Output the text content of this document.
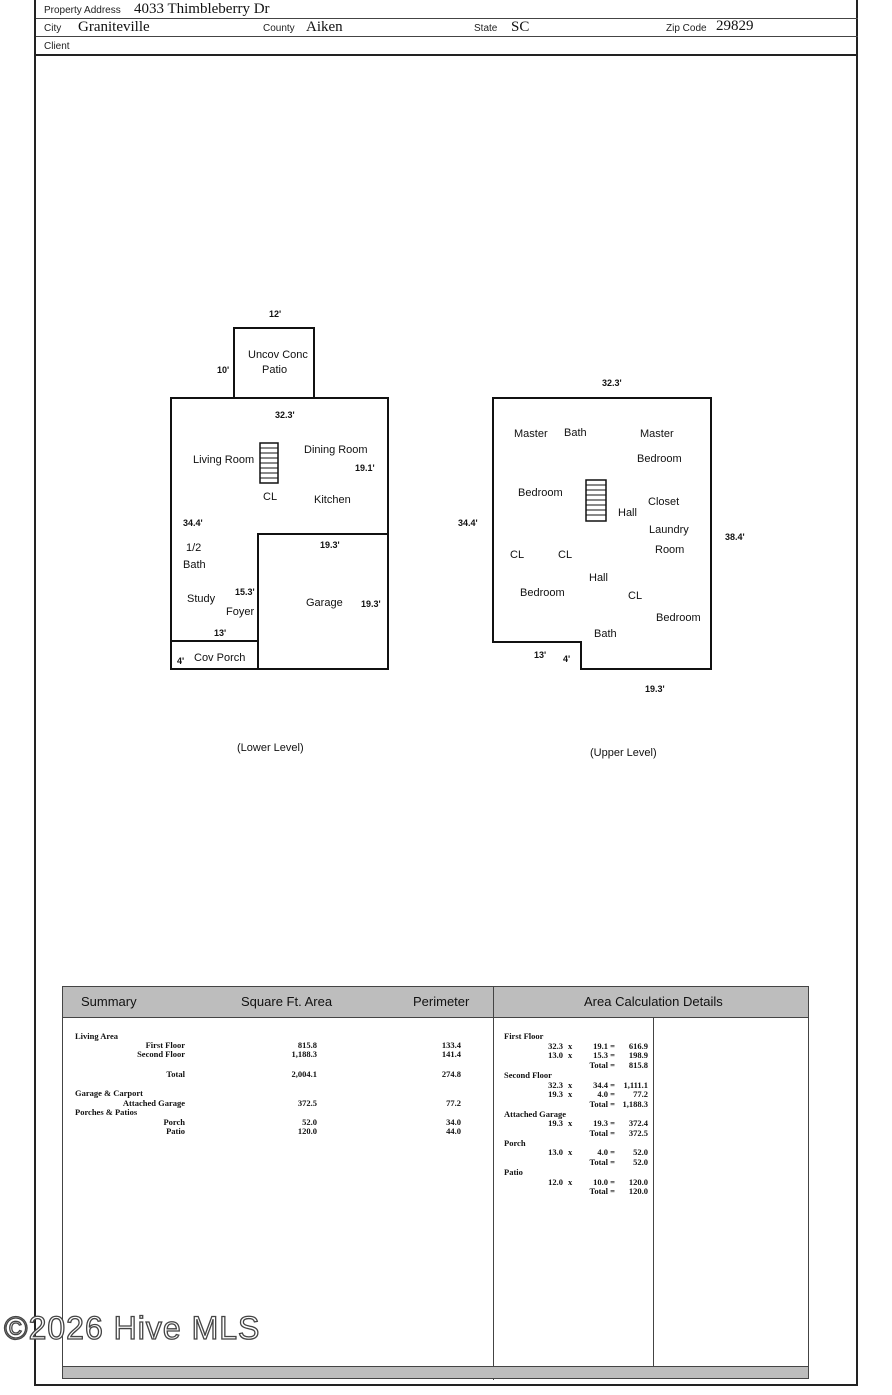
Property Address 4033 Thimbleberry Dr
City Graniteville	County Aiken	State SC	Zip Code 29829
Client
12'
10'
Uncov Conc
Patio
32.3'
Living Room
Dining Room
19.1'
CL	Kitchen
34.4'
19.3'
1/2
Bath
15.3'
Study
Foyer
Garage 19.3'
13'
4' Cov Porch
(Lower Level)
32.3'
Master Bath	Master
Bedroom
Bedroom
Closet
Hall
34.4'
Laundry
38.4'
Room
CL	CL
Hall
Bedroom	CL
Bedroom
Bath
13' 4'
19.3'
(Upper Level)
Summary	Square Ft. Area	Perimeter	Area Calculation Details
Living Area
First Floor	815.8	133.4
Second Floor	1,188.3	141.4
Total	2,004.1	274.8
Garage & Carport
Attached Garage	372.5	77.2
Porches & Patios
Porch	52.0	34.0
Patio	120.0	44.0
First Floor
32.3 x	19.1 =	616.9
13.0 x	15.3 =	198.9
Total =	815.8
Second Floor
32.3 x	34.4 = 1,111.1
19.3 x	4.0 =	77.2
Total = 1,188.3
Attached Garage
19.3 x	19.3 =	372.4
Total =	372.5
Porch
13.0 x	4.0 =	52.0
Total =	52.0
Patio
12.0 x	10.0 =	120.0
Total =	120.0
©2026 Hive MLS
